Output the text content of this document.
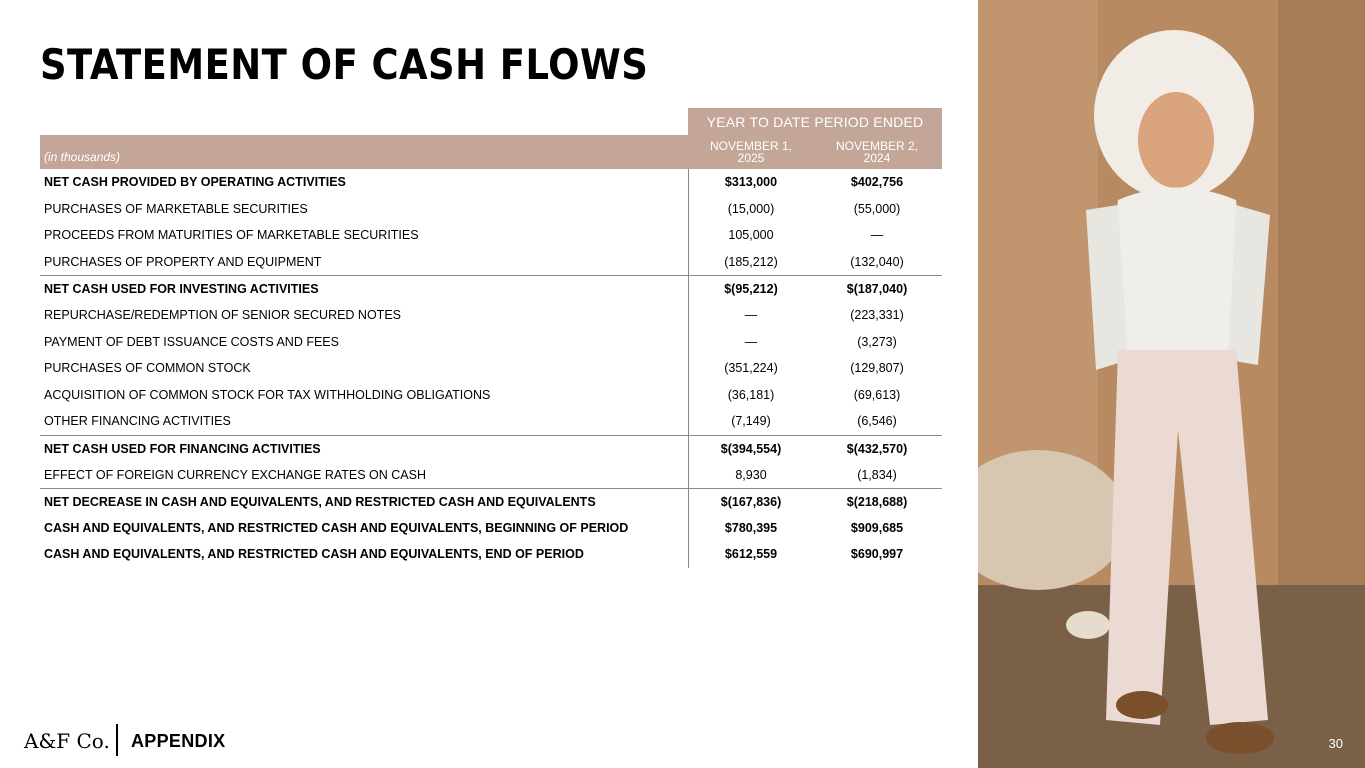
STATEMENT OF CASH FLOWS
YEAR TO DATE PERIOD ENDED
(in thousands)
NOVEMBER 1,
2025
NOVEMBER 2,
2024
NET CASH PROVIDED BY OPERATING ACTIVITIES	$313,000	$402,756
PURCHASES OF MARKETABLE SECURITIES	(15,000)	(55,000)
PROCEEDS FROM MATURITIES OF MARKETABLE SECURITIES	105,000	—
PURCHASES OF PROPERTY AND EQUIPMENT	(185,212)	(132,040)
NET CASH USED FOR INVESTING ACTIVITIES	$(95,212)	$(187,040)
REPURCHASE/REDEMPTION OF SENIOR SECURED NOTES	—	(223,331)
PAYMENT OF DEBT ISSUANCE COSTS AND FEES	—	(3,273)
PURCHASES OF COMMON STOCK	(351,224)	(129,807)
ACQUISITION OF COMMON STOCK FOR TAX WITHHOLDING OBLIGATIONS	(36,181)	(69,613)
OTHER FINANCING ACTIVITIES	(7,149)	(6,546)
NET CASH USED FOR FINANCING ACTIVITIES	$(394,554)	$(432,570)
EFFECT OF FOREIGN CURRENCY EXCHANGE RATES ON CASH	8,930	(1,834)
NET DECREASE IN CASH AND EQUIVALENTS, AND RESTRICTED CASH AND EQUIVALENTS	$(167,836)	$(218,688)
CASH AND EQUIVALENTS, AND RESTRICTED CASH AND EQUIVALENTS, BEGINNING OF PERIOD	$780,395	$909,685
CASH AND EQUIVALENTS, AND RESTRICTED CASH AND EQUIVALENTS, END OF PERIOD	$612,559	$690,997
A&F Co. APPENDIX	30
